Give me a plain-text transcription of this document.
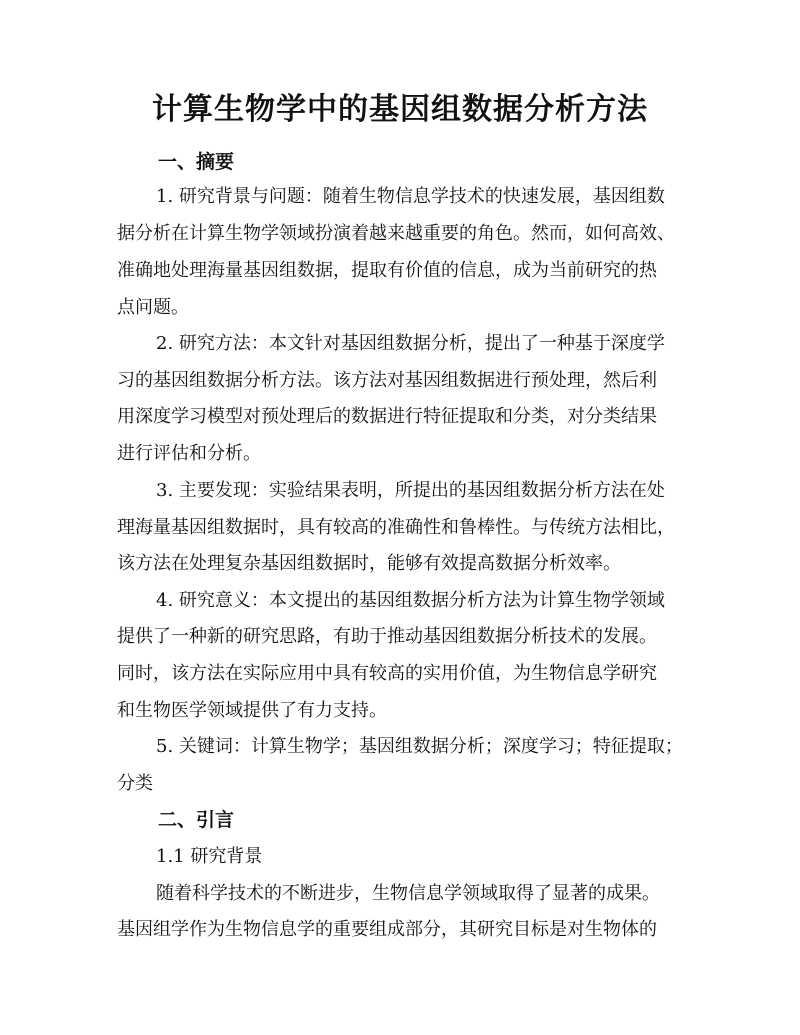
计算生物学中的基因组数据分析方法
一、摘要

1. 研究背景与问题：随着生物信息学技术的快速发展，基因组数

据分析在计算生物学领域扮演着越来越重要的角色。然而，如何高效、

准确地处理海量基因组数据，提取有价值的信息，成为当前研究的热

点问题。

2. 研究方法：本文针对基因组数据分析，提出了一种基于深度学

习的基因组数据分析方法。该方法对基因组数据进行预处理，然后利

用深度学习模型对预处理后的数据进行特征提取和分类，对分类结果

进行评估和分析。

3. 主要发现：实验结果表明，所提出的基因组数据分析方法在处

理海量基因组数据时，具有较高的准确性和鲁棒性。与传统方法相比，

该方法在处理复杂基因组数据时，能够有效提高数据分析效率。

4. 研究意义：本文提出的基因组数据分析方法为计算生物学领域

提供了一种新的研究思路，有助于推动基因组数据分析技术的发展。

同时，该方法在实际应用中具有较高的实用价值，为生物信息学研究

和生物医学领域提供了有力支持。

5. 关键词：计算生物学；基因组数据分析；深度学习；特征提取；

分类

二、引言

1.1 研究背景

随着科学技术的不断进步，生物信息学领域取得了显著的成果。

基因组学作为生物信息学的重要组成部分，其研究目标是对生物体的
